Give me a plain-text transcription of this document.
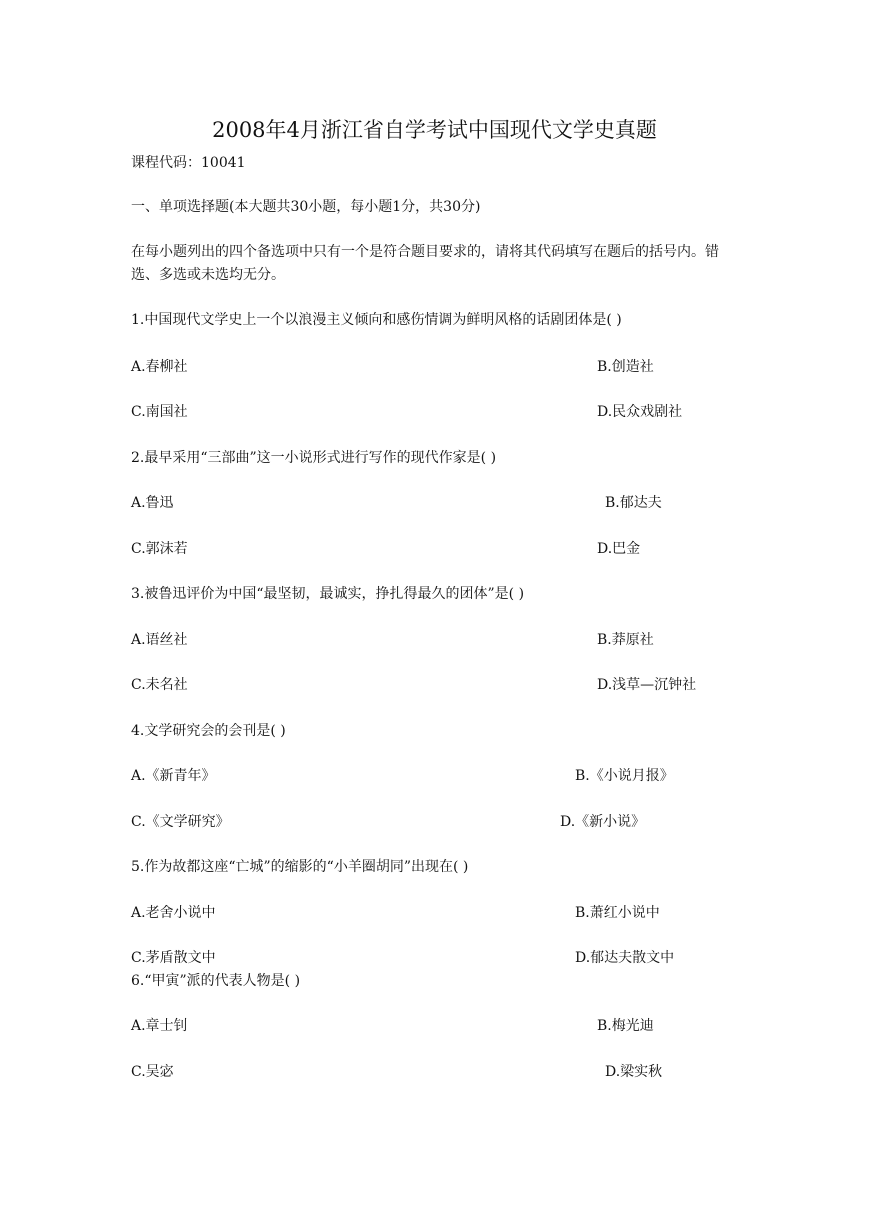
2008年4月浙江省自学考试中国现代文学史真题
课程代码：10041
一、单项选择题(本大题共30小题，每小题1分，共30分)
在每小题列出的四个备选项中只有一个是符合题目要求的，请将其代码填写在题后的括号内。错选、多选或未选均无分。
1.中国现代文学史上一个以浪漫主义倾向和感伤情调为鲜明风格的话剧团体是( )
A.春柳社	B.创造社
C.南国社	D.民众戏剧社
2.最早采用“三部曲”这一小说形式进行写作的现代作家是( )
A.鲁迅	B.郁达夫
C.郭沫若	D.巴金
3.被鲁迅评价为中国“最坚韧，最诚实，挣扎得最久的团体”是( )
A.语丝社	B.莽原社
C.未名社	D.浅草—沉钟社
4.文学研究会的会刊是( )
A.《新青年》	B.《小说月报》
C.《文学研究》	D.《新小说》
5.作为故都这座“亡城”的缩影的“小羊圈胡同”出现在( )
A.老舍小说中	B.萧红小说中
C.茅盾散文中	D.郁达夫散文中
6.“甲寅”派的代表人物是( )
A.章士钊	B.梅光迪
C.吴宓	D.梁实秋
